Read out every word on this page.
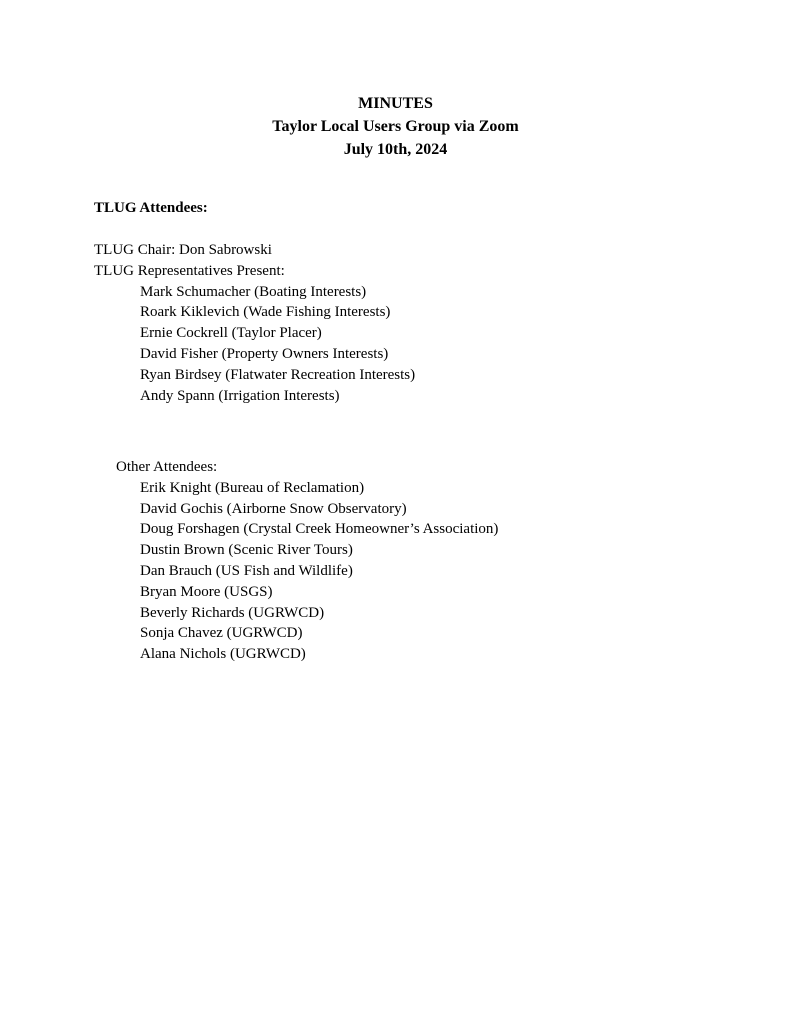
MINUTES
Taylor Local Users Group via Zoom
July 10th, 2024
TLUG Attendees:
TLUG Chair: Don Sabrowski
TLUG Representatives Present:
Mark Schumacher (Boating Interests)
Roark Kiklevich (Wade Fishing Interests)
Ernie Cockrell (Taylor Placer)
David Fisher (Property Owners Interests)
Ryan Birdsey (Flatwater Recreation Interests)
Andy Spann (Irrigation Interests)
Other Attendees:
Erik Knight (Bureau of Reclamation)
David Gochis (Airborne Snow Observatory)
Doug Forshagen (Crystal Creek Homeowner’s Association)
Dustin Brown (Scenic River Tours)
Dan Brauch (US Fish and Wildlife)
Bryan Moore (USGS)
Beverly Richards (UGRWCD)
Sonja Chavez (UGRWCD)
Alana Nichols (UGRWCD)
